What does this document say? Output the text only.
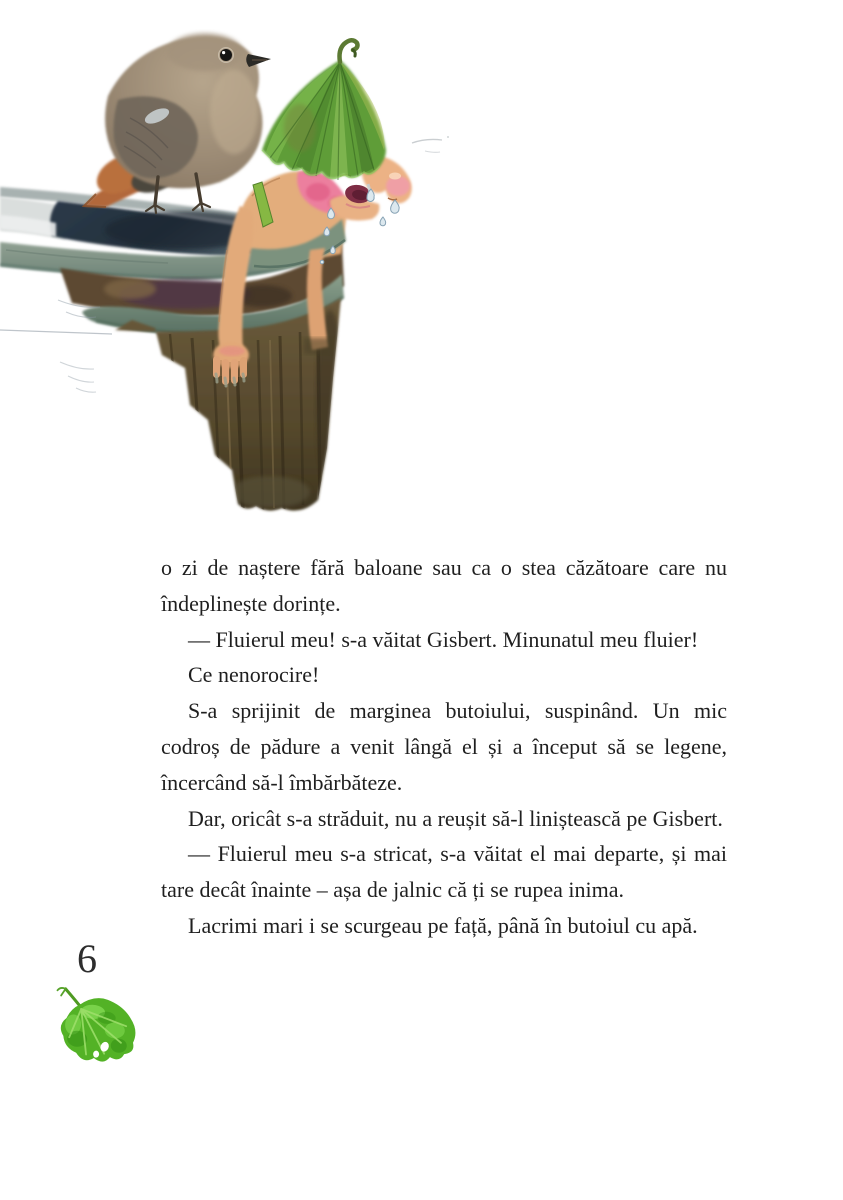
o zi de naștere fără baloane sau ca o stea căzătoare care nu îndeplinește dorințe.

— Fluierul meu! s-a văitat Gisbert. Minunatul meu fluier!

Ce nenorocire!

S-a sprijinit de marginea butoiului, suspinând. Un mic codroș de pădure a venit lângă el și a început să se legene, încercând să-l îmbărbăteze.

Dar, oricât s-a străduit, nu a reușit să-l liniștească pe Gisbert.

— Fluierul meu s-a stricat, s-a văitat el mai departe, și mai tare decât înainte – așa de jalnic că ți se rupea inima.

Lacrimi mari i se scurgeau pe față, până în butoiul cu apă.

6
